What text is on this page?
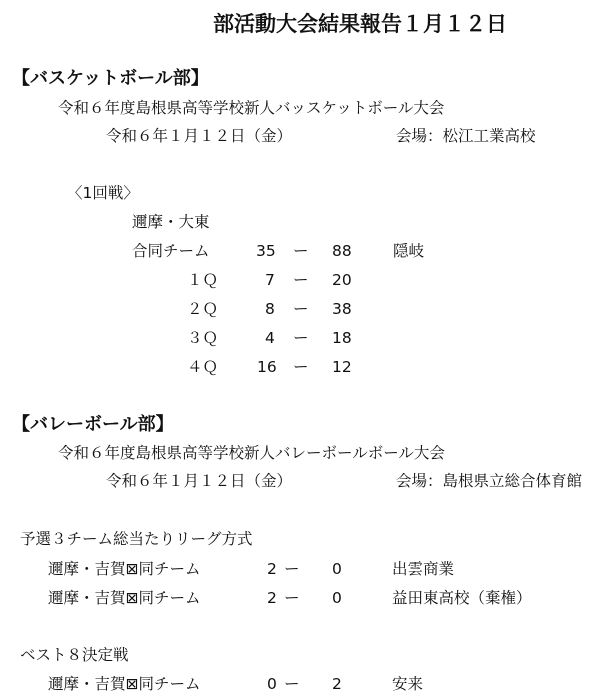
部活動大会結果報告１月１２日
【バスケットボール部】
令和６年度島根県高等学校新人バッスケットボール大会
令和６年１月１２日（金）	会場：松江工業高校
〈1回戦〉
邇摩・大東
合同チーム	35 ー 88	隠岐
１Ｑ	7 ー 20
２Ｑ	8 ー 38
３Ｑ	4 ー 18
４Ｑ	16 ー 12
【バレーボール部】
令和６年度島根県高等学校新人バレーボールボール大会
令和６年１月１２日（金）	会場：島根県立総合体育館
予選３チーム総当たりリーグ方式
邇摩・吉賀⊠同チーム	2 ー 0	出雲商業
邇摩・吉賀⊠同チーム	2 ー 0	益田東高校（棄権）
ベスト８決定戦
邇摩・吉賀⊠同チーム	0 ー 2	安来
